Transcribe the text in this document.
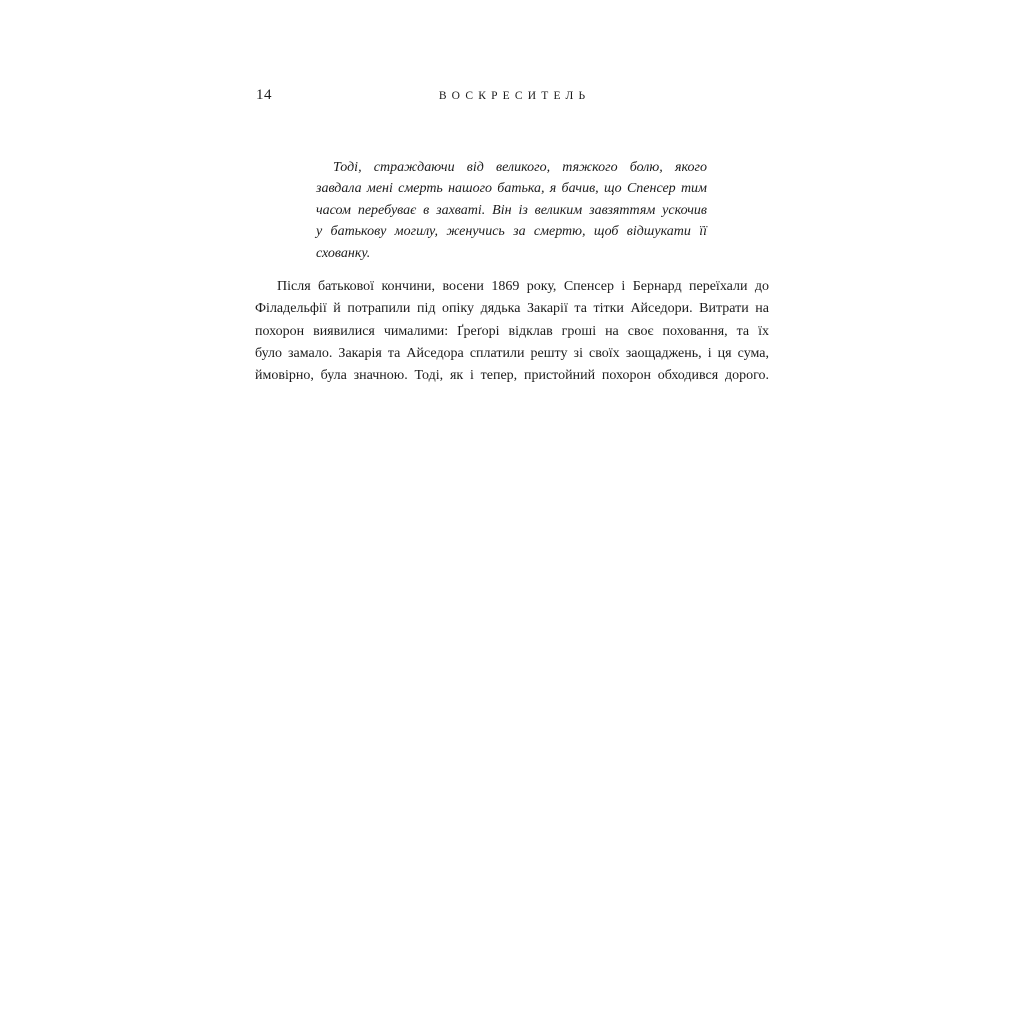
14	ВОСКРЕСИТЕЛЬ
Тоді, страждаючи від великого, тяжкого болю, якого
завдала мені смерть нашого батька, я бачив, що Спенсер тим
часом перебуває в захваті. Він із великим завзяттям ускочив
у батькову могилу, женучись за смертю, щоб відшукати її
схованку.
Після батькової кончини, восени 1869 року, Спенсер і Бернард переїхали до
Філадельфії й потрапили під опіку дядька Закарії та тітки Айседори. Витрати на
похорон виявилися чималими: Ґреґорі відклав гроші на своє поховання, та їх
було замало. Закарія та Айседора сплатили решту зі своїх заощаджень, і ця сума,
ймовірно, була значною. Тоді, як і тепер, пристойний похорон обходився дорого.
